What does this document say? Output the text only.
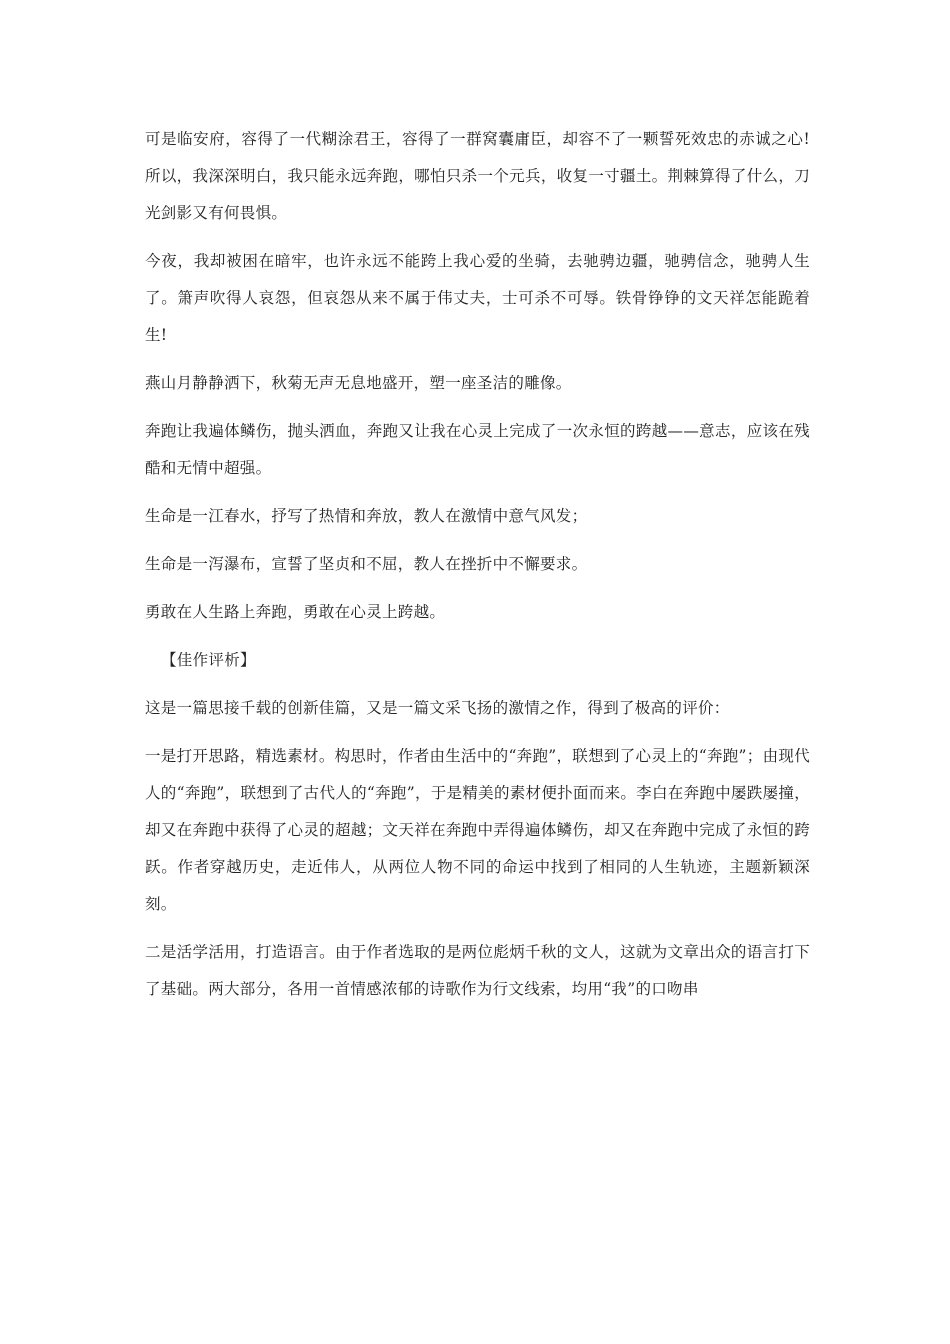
可是临安府，容得了一代糊涂君王，容得了一群窝囊庸臣，却容不了一颗誓死效忠的赤诚之心!所以，我深深明白，我只能永远奔跑，哪怕只杀一个元兵，收复一寸疆土。荆棘算得了什么，刀光剑影又有何畏惧。

今夜，我却被困在暗牢，也许永远不能跨上我心爱的坐骑，去驰骋边疆，驰骋信念，驰骋人生了。箫声吹得人哀怨，但哀怨从来不属于伟丈夫，士可杀不可辱。铁骨铮铮的文天祥怎能跪着生!

燕山月静静洒下，秋菊无声无息地盛开，塑一座圣洁的雕像。

奔跑让我遍体鳞伤，抛头洒血，奔跑又让我在心灵上完成了一次永恒的跨越——意志，应该在残酷和无情中超强。

生命是一江春水，抒写了热情和奔放，教人在激情中意气风发；

生命是一泻瀑布，宣誓了坚贞和不屈，教人在挫折中不懈要求。

勇敢在人生路上奔跑，勇敢在心灵上跨越。

【佳作评析】

这是一篇思接千载的创新佳篇，又是一篇文采飞扬的激情之作，得到了极高的评价：

一是打开思路，精选素材。构思时，作者由生活中的“奔跑”，联想到了心灵上的“奔跑”；由现代人的“奔跑”，联想到了古代人的“奔跑”，于是精美的素材便扑面而来。李白在奔跑中屡跌屡撞，却又在奔跑中获得了心灵的超越；文天祥在奔跑中弄得遍体鳞伤，却又在奔跑中完成了永恒的跨跃。作者穿越历史，走近伟人，从两位人物不同的命运中找到了相同的人生轨迹，主题新颖深刻。

二是活学活用，打造语言。由于作者选取的是两位彪炳千秋的文人，这就为文章出众的语言打下了基础。两大部分，各用一首情感浓郁的诗歌作为行文线索，均用“我”的口吻串
